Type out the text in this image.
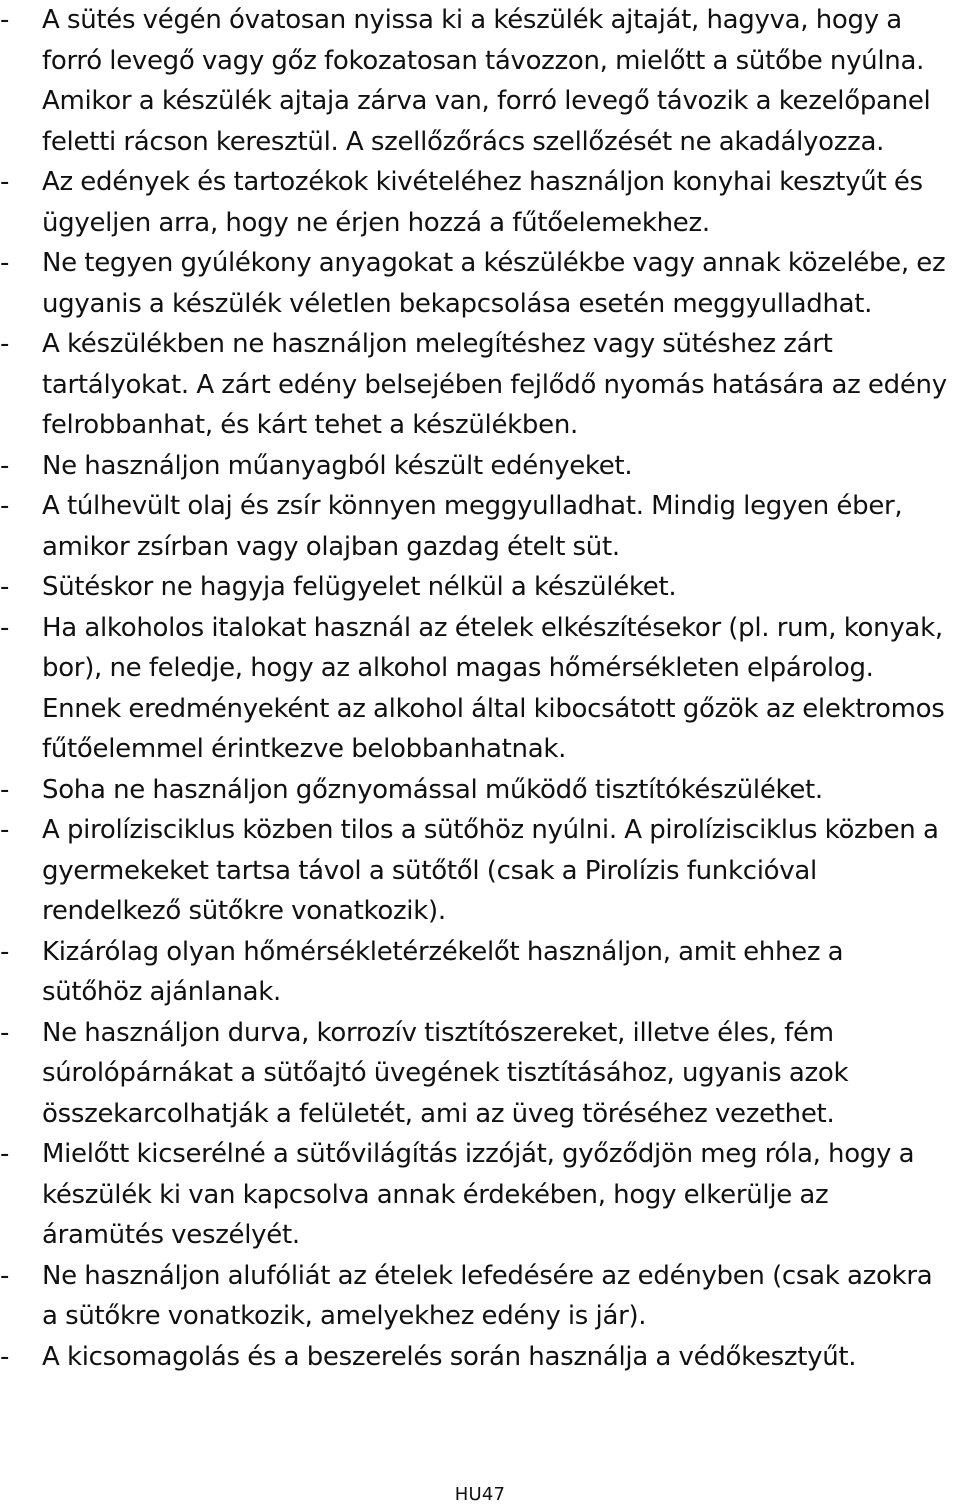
-	A sütés végén óvatosan nyissa ki a készülék ajtaját, hagyva, hogy a forró levegő vagy gőz fokozatosan távozzon, mielőtt a sütőbe nyúlna. Amikor a készülék ajtaja zárva van, forró levegő távozik a kezelőpanel feletti rácson keresztül. A szellőzőrács szellőzését ne akadályozza.
-	Az edények és tartozékok kivételéhez használjon konyhai kesztyűt és ügyeljen arra, hogy ne érjen hozzá a fűtőelemekhez.
-	Ne tegyen gyúlékony anyagokat a készülékbe vagy annak közelébe, ez ugyanis a készülék véletlen bekapcsolása esetén meggyulladhat.
-	A készülékben ne használjon melegítéshez vagy sütéshez zárt tartályokat. A zárt edény belsejében fejlődő nyomás hatására az edény felrobbanhat, és kárt tehet a készülékben.
-	Ne használjon műanyagból készült edényeket.
-	A túlhevült olaj és zsír könnyen meggyulladhat. Mindig legyen éber, amikor zsírban vagy olajban gazdag ételt süt.
-	Sütéskor ne hagyja felügyelet nélkül a készüléket.
-	Ha alkoholos italokat használ az ételek elkészítésekor (pl. rum, konyak, bor), ne feledje, hogy az alkohol magas hőmérsékleten elpárolog. Ennek eredményeként az alkohol által kibocsátott gőzök az elektromos fűtőelemmel érintkezve belobbanhatnak.
-	Soha ne használjon gőznyomással működő tisztítókészüléket.
-	A pirolízisciklus közben tilos a sütőhöz nyúlni. A pirolízisciklus közben a gyermekeket tartsa távol a sütőtől (csak a Pirolízis funkcióval rendelkező sütőkre vonatkozik).
-	Kizárólag olyan hőmérsékletérzékelőt használjon, amit ehhez a sütőhöz ajánlanak.
-	Ne használjon durva, korrozív tisztítószereket, illetve éles, fém súrolópárnákat a sütőajtó üvegének tisztításához, ugyanis azok összekarcolhatják a felületét, ami az üveg töréséhez vezethet.
-	Mielőtt kicserélné a sütővilágítás izzóját, győződjön meg róla, hogy a készülék ki van kapcsolva annak érdekében, hogy elkerülje az áramütés veszélyét.
-	Ne használjon alufóliát az ételek lefedésére az edényben (csak azokra a sütőkre vonatkozik, amelyekhez edény is jár).
-	A kicsomagolás és a beszerelés során használja a védőkesztyűt.
HU47
